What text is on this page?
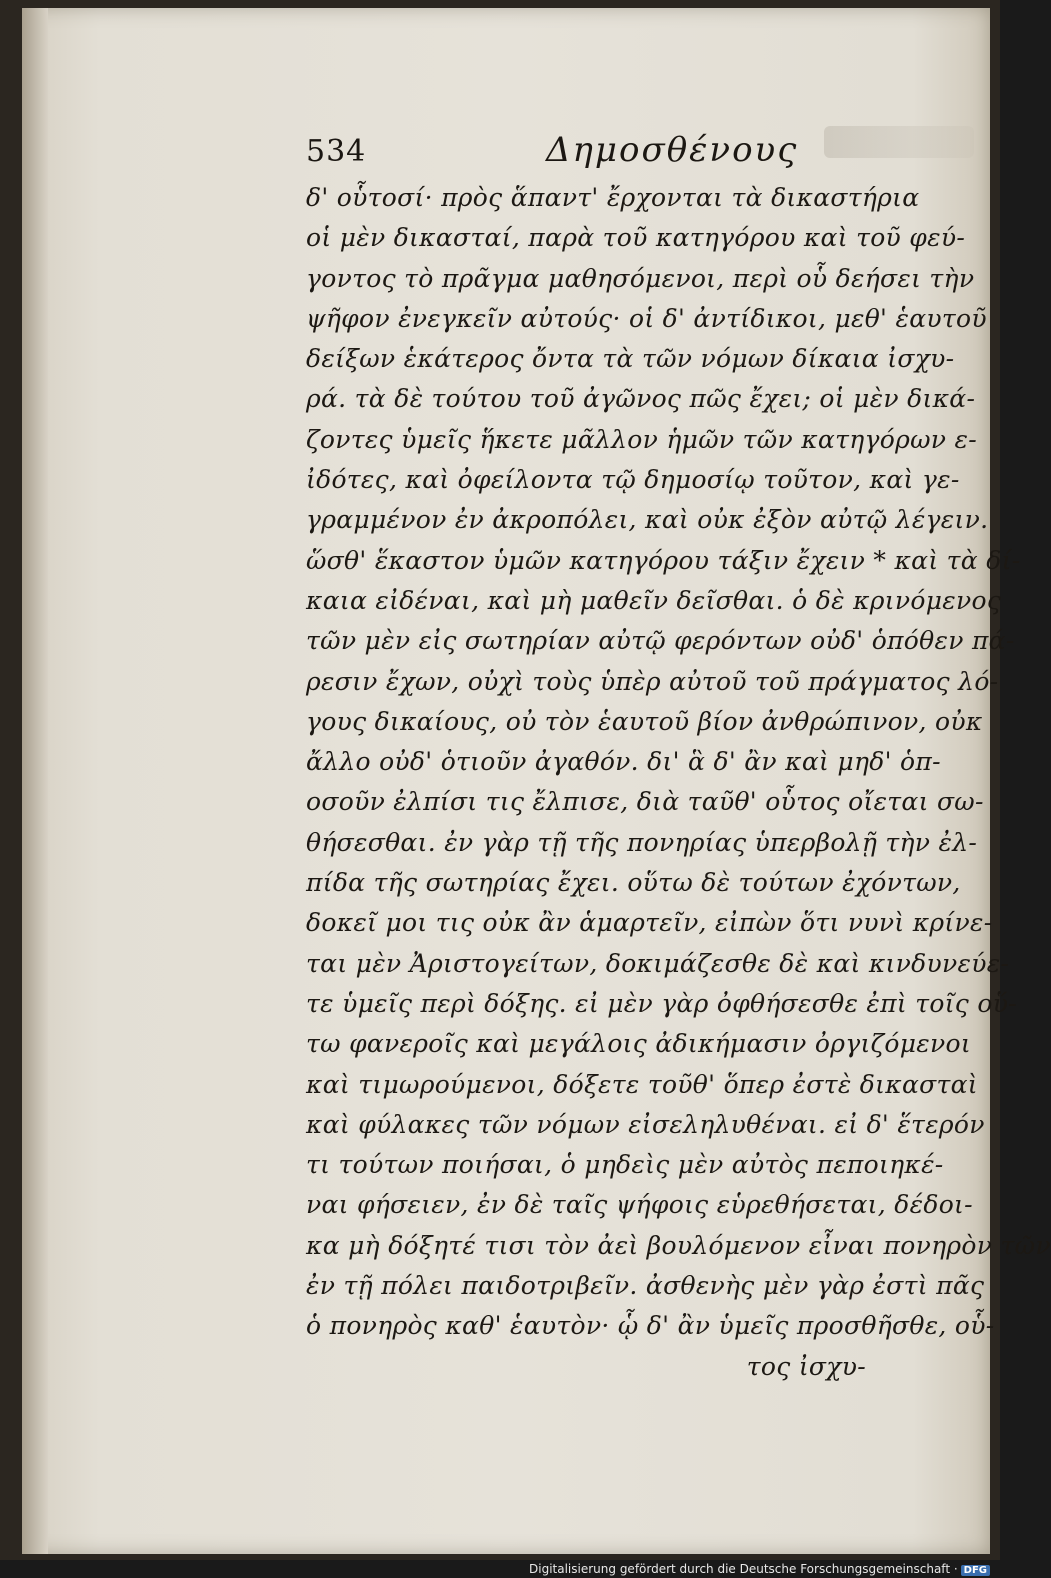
534	Δημοσθένους
δ' οὗτοσί· πρὸς ἅπαντ' ἔρχονται τὰ δικαστήρια
οἱ μὲν δικασταί, παρὰ τοῦ κατηγόρου καὶ τοῦ φεύ-
γοντος τὸ πρᾶγμα μαθησόμενοι, περὶ οὗ δεήσει τὴν
ψῆφον ἐνεγκεῖν αὐτούς· οἱ δ' ἀντίδικοι, μεθ' ἑαυτοῦ
δείξων ἑκάτερος ὄντα τὰ τῶν νόμων δίκαια ἰσχυ-
ρά. τὰ δὲ τούτου τοῦ ἀγῶνος πῶς ἔχει; οἱ μὲν δικά-
ζοντες ὑμεῖς ἥκετε μᾶλλον ἡμῶν τῶν κατηγόρων ε-
ἰδότες, καὶ ὀφείλοντα τῷ δημοσίῳ τοῦτον, καὶ γε-
γραμμένον ἐν ἀκροπόλει, καὶ οὐκ ἐξὸν αὐτῷ λέγειν.
ὥσθ' ἕκαστον ὑμῶν κατηγόρου τάξιν ἔχειν * καὶ τὰ δί-
καια εἰδέναι, καὶ μὴ μαθεῖν δεῖσθαι. ὁ δὲ κρινόμενος
τῶν μὲν εἰς σωτηρίαν αὐτῷ φερόντων οὐδ' ὁπόθεν πά-
ρεσιν ἔχων, οὐχὶ τοὺς ὑπὲρ αὐτοῦ τοῦ πράγματος λό-
γους δικαίους, οὐ τὸν ἑαυτοῦ βίον ἀνθρώπινον, οὐκ
ἄλλο οὐδ' ὁτιοῦν ἀγαθόν. δι' ἃ δ' ἂν καὶ μηδ' ὁπ-
οσοῦν ἐλπίσι τις ἔλπισε, διὰ ταῦθ' οὗτος οἴεται σω-
θήσεσθαι. ἐν γὰρ τῇ τῆς πονηρίας ὑπερβολῇ τὴν ἐλ-
πίδα τῆς σωτηρίας ἔχει. οὕτω δὲ τούτων ἐχόντων,
δοκεῖ μοι τις οὐκ ἂν ἁμαρτεῖν, εἰπὼν ὅτι νυνὶ κρίνε-
ται μὲν Ἀριστογείτων, δοκιμάζεσθε δὲ καὶ κινδυνεύε-
τε ὑμεῖς περὶ δόξης. εἰ μὲν γὰρ ὀφθήσεσθε ἐπὶ τοῖς οὕ-
τω φανεροῖς καὶ μεγάλοις ἀδικήμασιν ὀργιζόμενοι
καὶ τιμωρούμενοι, δόξετε τοῦθ' ὅπερ ἐστὲ δικασταὶ
καὶ φύλακες τῶν νόμων εἰσεληλυθέναι. εἰ δ' ἕτερόν
τι τούτων ποιήσαι, ὁ μηδεὶς μὲν αὐτὸς πεποιηκέ-
ναι φήσειεν, ἐν δὲ ταῖς ψήφοις εὑρεθήσεται, δέδοι-
κα μὴ δόξητέ τισι τὸν ἀεὶ βουλόμενον εἶναι πονηρὸν τῶν
ἐν τῇ πόλει παιδοτριβεῖν. ἀσθενὴς μὲν γὰρ ἐστὶ πᾶς
ὁ πονηρὸς καθ' ἑαυτὸν· ᾧ δ' ἂν ὑμεῖς προσθῆσθε, οὗ-
τος ἰσχυ-
Digitalisierung gefördert durch die Deutsche Forschungsgemeinschaft · DFG
